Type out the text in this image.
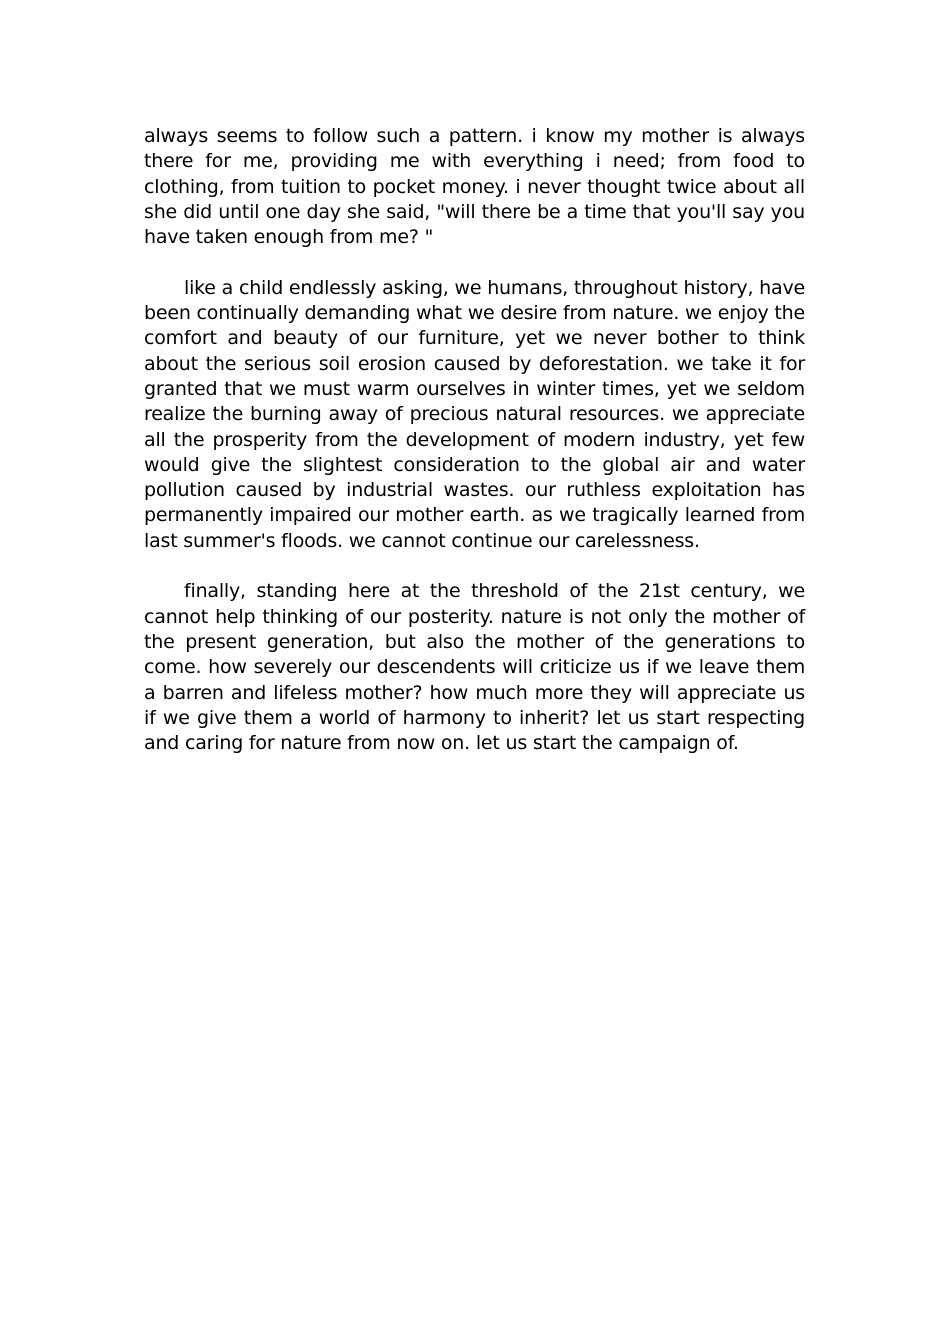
always seems to follow such a pattern. i know my mother is always there for me, providing me with everything i need; from food to clothing, from tuition to pocket money. i never thought twice about all she did until one day she said, "will there be a time that you'll say you have taken enough from me? "

like a child endlessly asking, we humans, throughout history, have been continually demanding what we desire from nature. we enjoy the comfort and beauty of our furniture, yet we never bother to think about the serious soil erosion caused by deforestation. we take it for granted that we must warm ourselves in winter times, yet we seldom realize the burning away of precious natural resources. we appreciate all the prosperity from the development of modern industry, yet few would give the slightest consideration to the global air and water pollution caused by industrial wastes. our ruthless exploitation has permanently impaired our mother earth. as we tragically learned from last summer's floods. we cannot continue our carelessness.

finally, standing here at the threshold of the 21st century, we cannot help thinking of our posterity. nature is not only the mother of the present generation, but also the mother of the generations to come. how severely our descendents will criticize us if we leave them a barren and lifeless mother? how much more they will appreciate us if we give them a world of harmony to inherit? let us start respecting and caring for nature from now on. let us start the campaign of.
